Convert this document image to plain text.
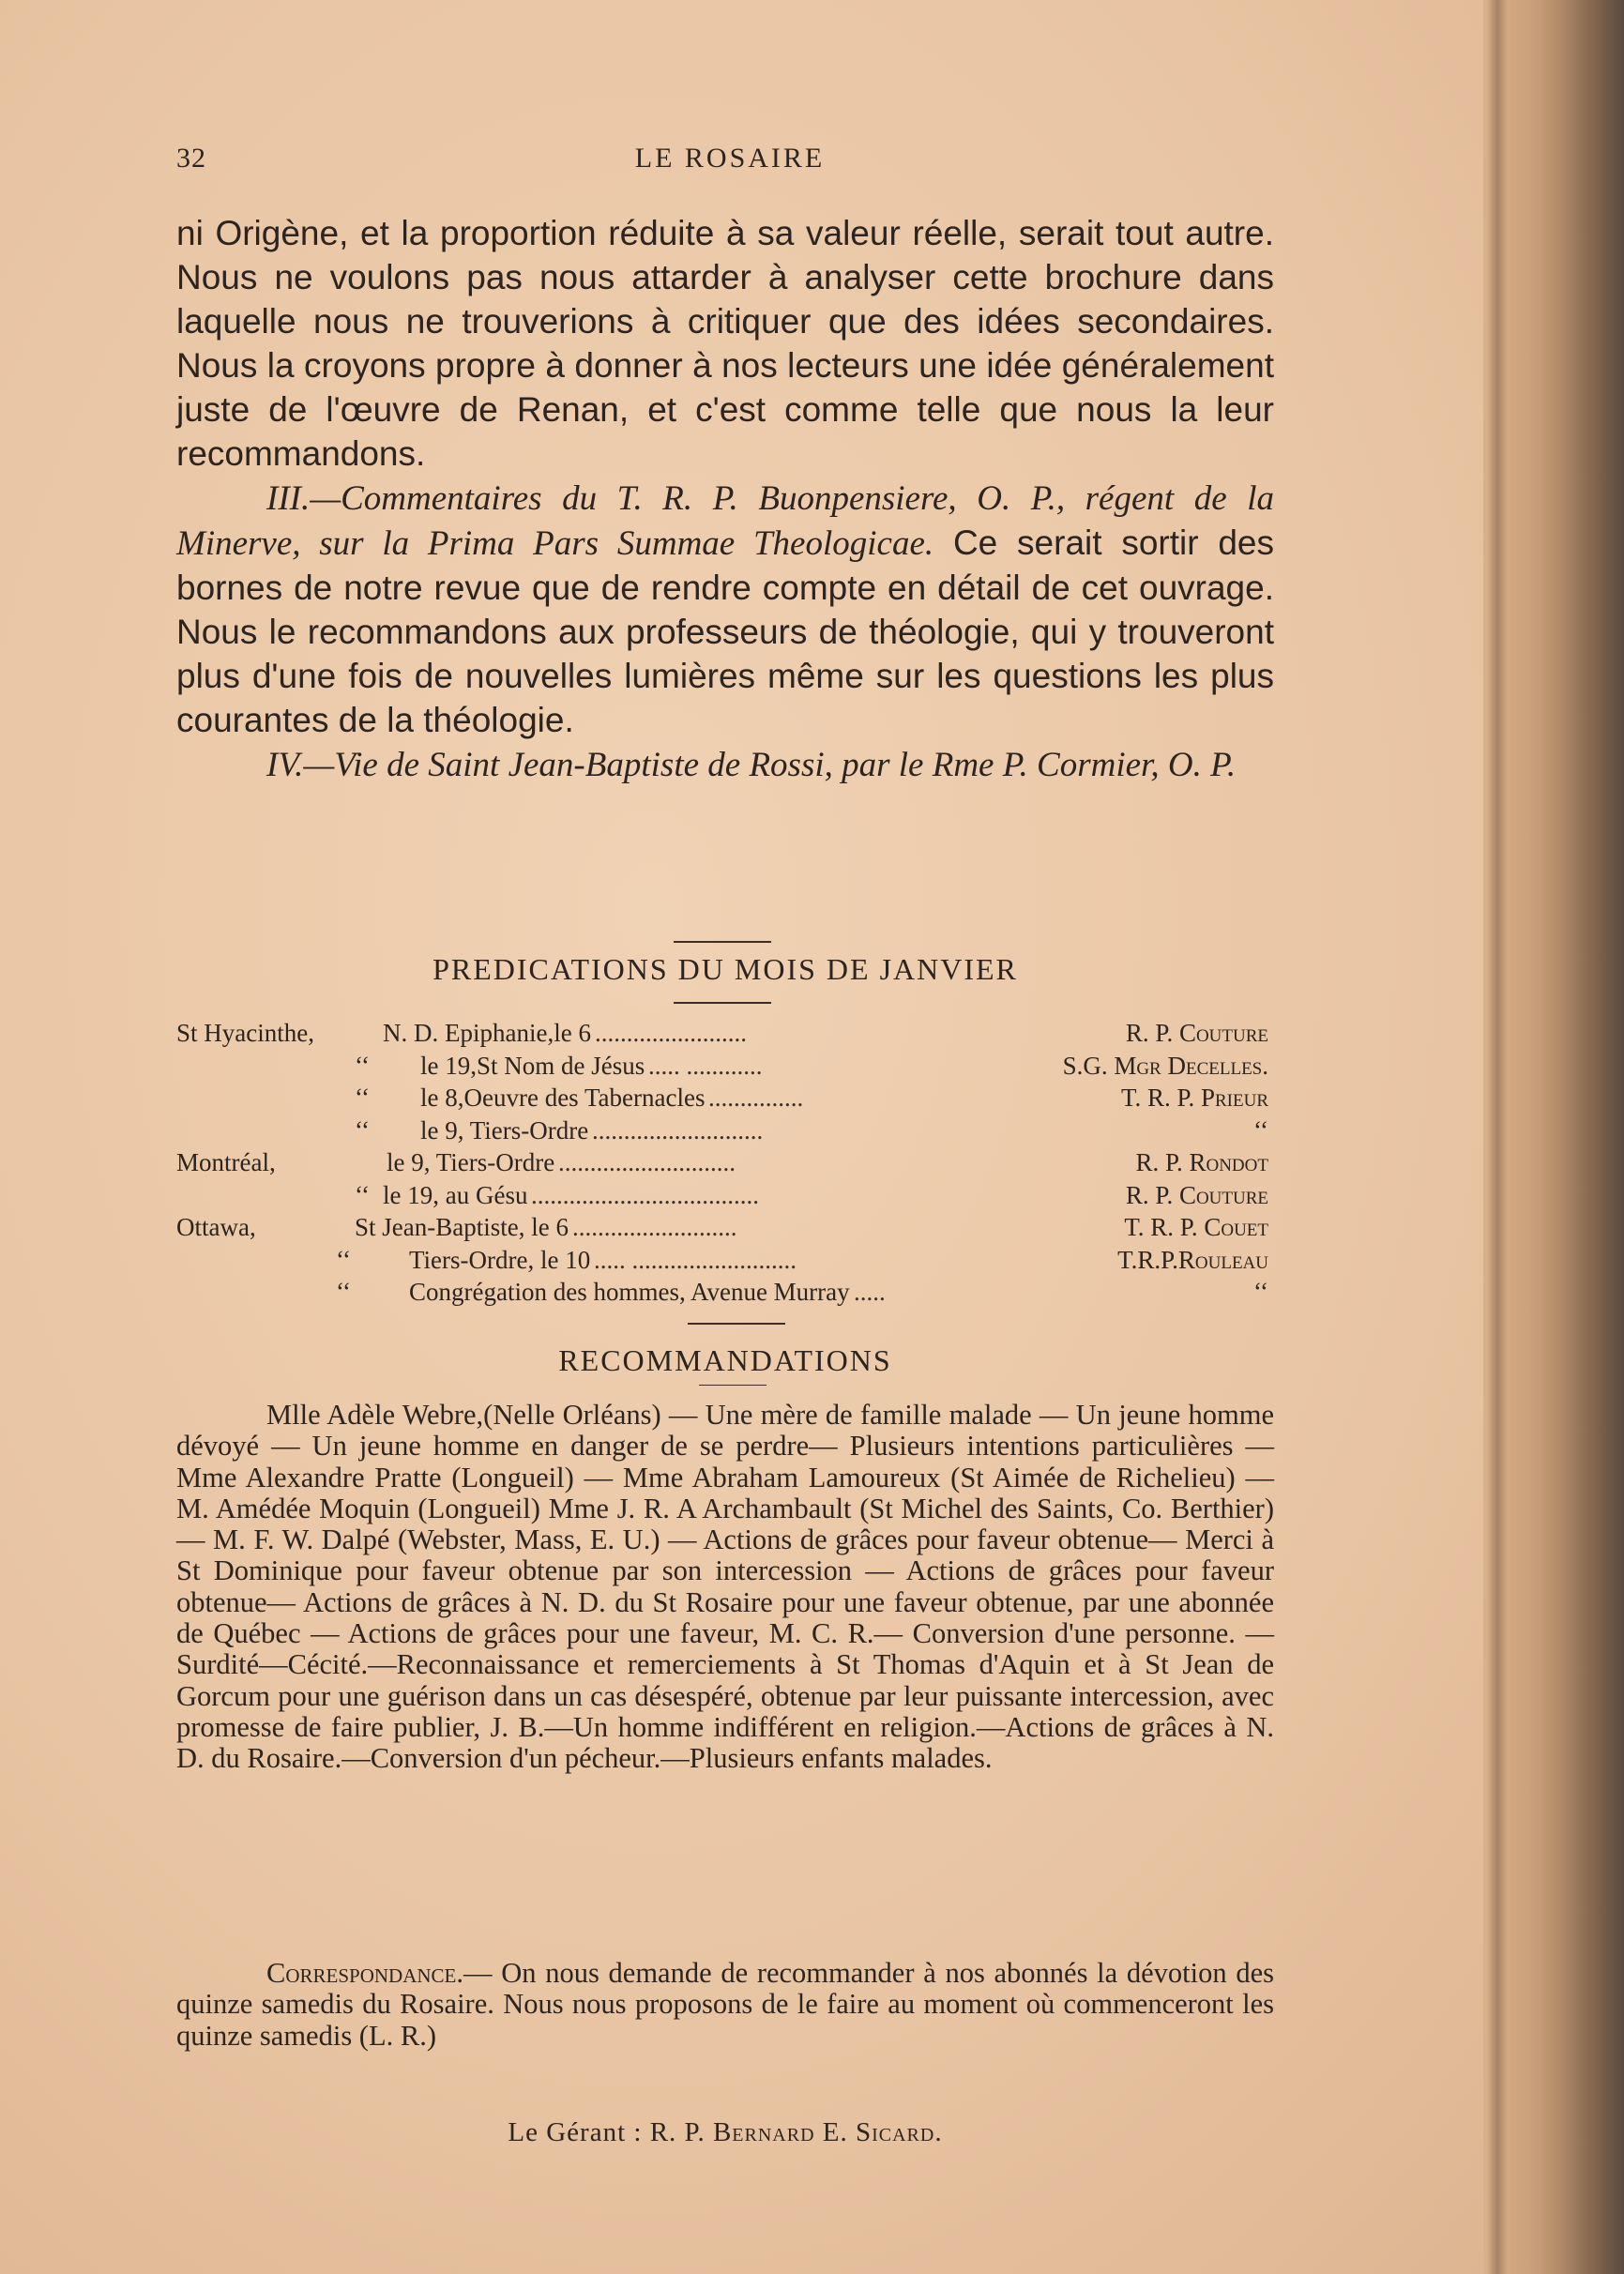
32	LE ROSAIRE

ni Origène, et la proportion réduite à sa valeur réelle, serait tout autre. Nous ne voulons pas nous attarder à analyser cette brochure dans laquelle nous ne trouverions à critiquer que des idées secondaires. Nous la croyons propre à donner à nos lecteurs une idée généralement juste de l'œuvre de Renan, et c'est comme telle que nous la leur recommandons.

III.—Commentaires du T. R. P. Buonpensiere, O. P., régent de la Minerve, sur la Prima Pars Summae Theologicae. Ce serait sortir des bornes de notre revue que de rendre compte en détail de cet ouvrage. Nous le recommandons aux professeurs de théologie, qui y trouveront plus d'une fois de nouvelles lumières même sur les questions les plus courantes de la théologie.

IV.—Vie de Saint Jean-Baptiste de Rossi, par le Rme P. Cormier, O. P.

PREDICATIONS DU MOIS DE JANVIER
St Hyacinthe,	N. D. Epiphanie,le 6 ........................	R. P. Couture
‘‘ le 19,St Nom de Jésus ..... ............	S.G. Mgr Decelles.
‘‘ le 8,Oeuvre des Tabernacles ...............	T. R. P. Prieur
‘‘ le 9, Tiers-Ordre ...........................	‘‘
Montréal,	le 9, Tiers-Ordre ............................	R. P. Rondot
‘‘ le 19, au Gésu ....................................	R. P. Couture
Ottawa,	St Jean-Baptiste, le 6 ..........................	T. R. P. Couet
‘‘ Tiers-Ordre, le 10 ..... ..........................	T.R.P.Rouleau
‘‘ Congrégation des hommes, Avenue Murray .....	‘‘
RECOMMANDATIONS

Mlle Adèle Webre,(Nelle Orléans) — Une mère de famille malade — Un jeune homme dévoyé — Un jeune homme en danger de se perdre— Plusieurs intentions particulières — Mme Alexandre Pratte (Longueil) — Mme Abraham Lamoureux (St Aimée de Richelieu) — M. Amédée Moquin (Longueil) Mme J. R. A Archambault (St Michel des Saints, Co. Berthier) — M. F. W. Dalpé (Webster, Mass, E. U.) — Actions de grâces pour faveur obtenue— Merci à St Dominique pour faveur obtenue par son intercession — Actions de grâces pour faveur obtenue— Actions de grâces à N. D. du St Rosaire pour une faveur obtenue, par une abonnée de Québec — Actions de grâces pour une faveur, M. C. R.— Conversion d'une personne. — Surdité—Cécité.—Reconnaissance et remerciements à St Thomas d'Aquin et à St Jean de Gorcum pour une guérison dans un cas désespéré, obtenue par leur puissante intercession, avec promesse de faire publier, J. B.—Un homme indifférent en religion.—Actions de grâces à N. D. du Rosaire.—Conversion d'un pécheur.—Plusieurs enfants malades.

Correspondance.— On nous demande de recommander à nos abonnés la dévotion des quinze samedis du Rosaire. Nous nous proposons de le faire au moment où commenceront les quinze samedis (L. R.)

Le Gérant : R. P. Bernard E. Sicard.
